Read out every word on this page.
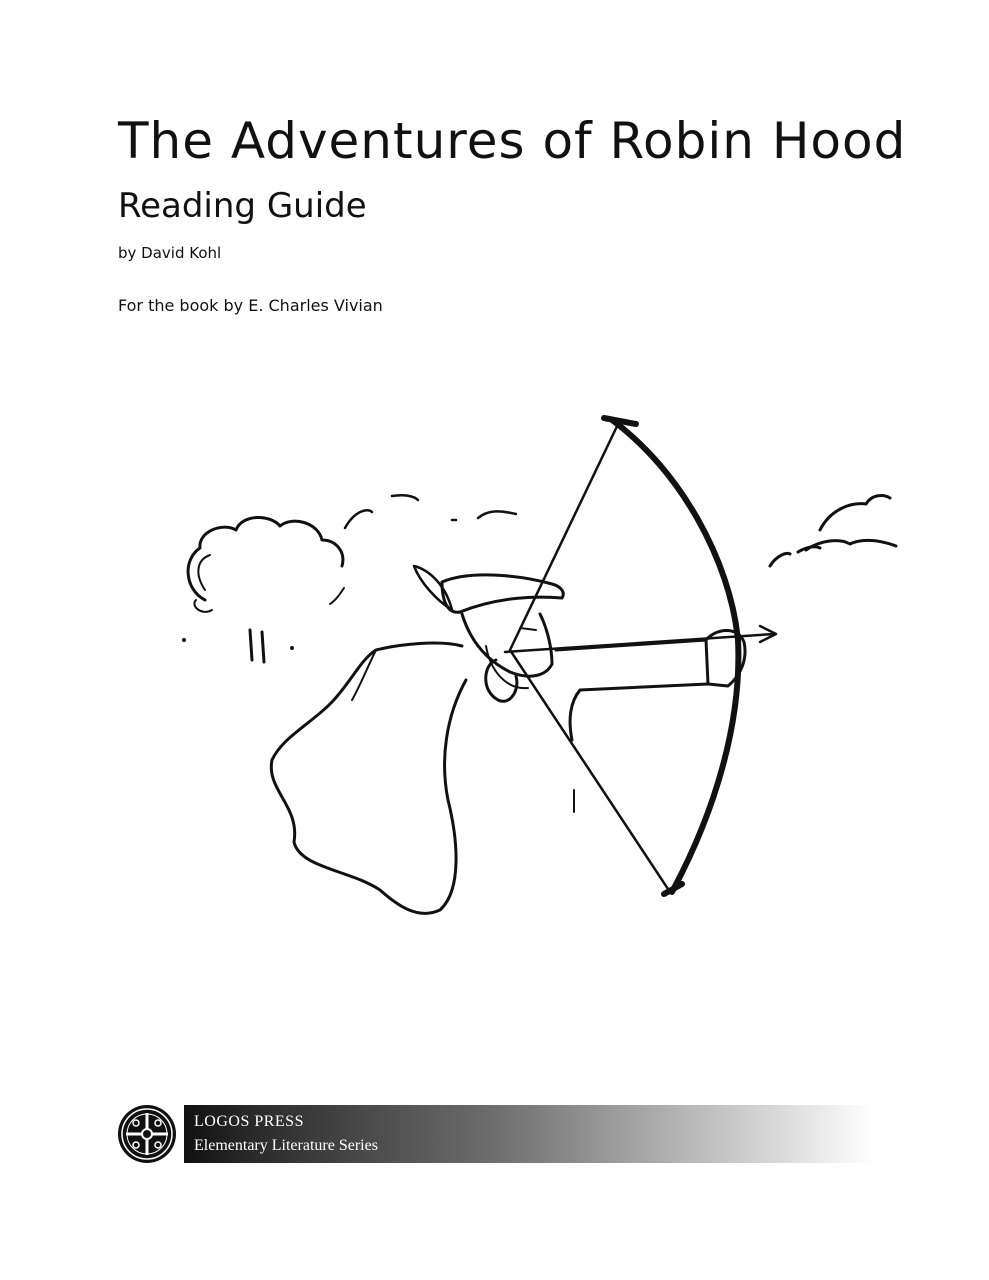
The Adventures of Robin Hood
Reading Guide
by David Kohl
For the book by E. Charles Vivian
LOGOS PRESS
Elementary Literature Series
